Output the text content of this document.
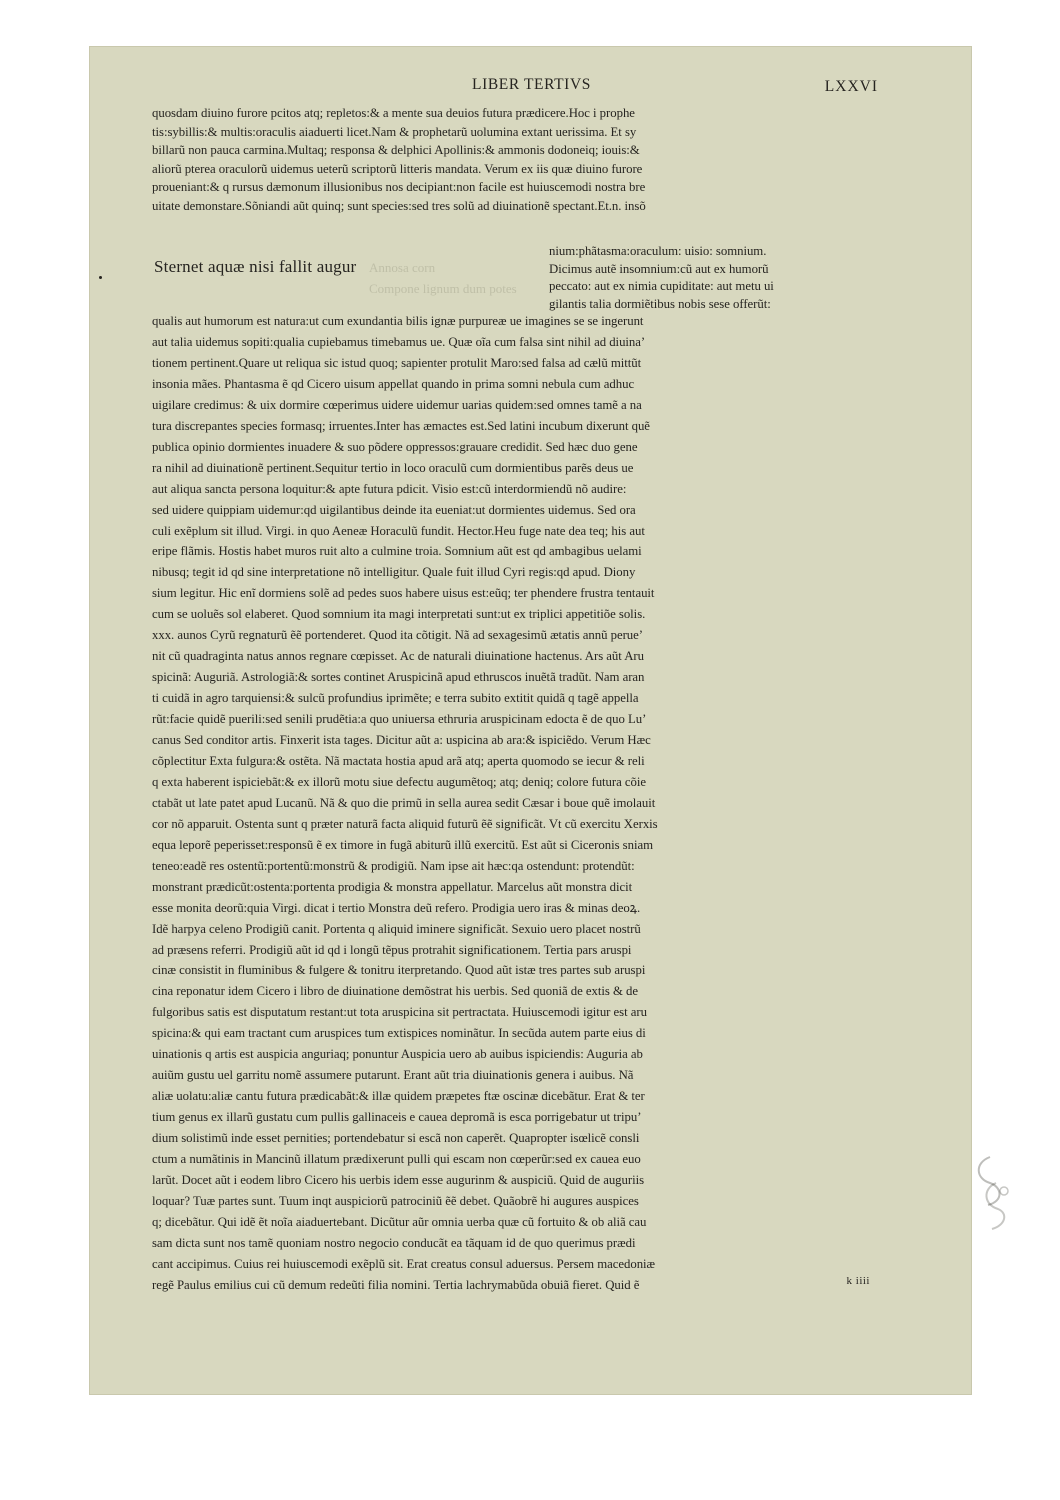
LIBER TERTIVS	LXXVI
quosdam diuino furore pcitos atq; repletos:& a mente sua deuios futura prædicere.Hoc i prophe
tis:sybillis:& multis:oraculis aiaduerti licet.Nam & prophetarũ uolumina extant uerissima. Et sy
billarũ non pauca carmina.Multaq; responsa & delphici Apollinis:& ammonis dodoneiq; iouis:&
aliorũ pterea oraculorũ uidemus ueterũ scriptorũ litteris mandata. Verum ex iis quæ diuino furore
proueniant:& q rursus dæmonum illusionibus nos decipiant:non facile est huiuscemodi nostra bre
uitate demonstare.Sõniandi aũt quinq; sunt species:sed tres solũ ad diuinationẽ spectant.Et.n. insõ
Sternet aquæ nisi fallit augur Annosa corn
Compone lignum dum potes
nium:phãtasma:oraculum: uisio: somnium.
Dicimus autẽ insomnium:cũ aut ex humorũ
peccato: aut ex nimia cupiditate: aut metu ui
gilantis talia dormiẽtibus nobis sese offerũt:
qualis aut humorum est natura:ut cum exundantia bilis ignæ purpureæ ue imagines se se ingerunt
aut talia uidemus sopiti:qualia cupiebamus timebamus ue. Quæ oĩa cum falsa sint nihil ad diuina’
tionem pertinent.Quare ut reliqua sic istud quoq; sapienter protulit Maro:sed falsa ad cælũ mittũt
insonia mães. Phantasma ẽ qd Cicero uisum appellat quando in prima somni nebula cum adhuc
uigilare credimus: & uix dormire cœperimus uidere uidemur uarias quidem:sed omnes tamẽ a na
tura discrepantes species formasq; irruentes.Inter has æmactes est.Sed latini incubum dixerunt quẽ
publica opinio dormientes inuadere & suo põdere oppressos:grauare credidit. Sed hæc duo gene
ra nihil ad diuinationẽ pertinent.Sequitur tertio in loco oraculũ cum dormientibus parẽs deus ue
aut aliqua sancta persona loquitur:& apte futura pdicit. Visio est:cũ interdormiendũ nõ audire:
sed uidere quippiam uidemur:qd uigilantibus deinde ita eueniat:ut dormientes uidemus. Sed ora
culi exẽplum sit illud. Virgi. in quo Aeneæ Horaculũ fundit. Hector.Heu fuge nate dea teq; his aut
eripe flãmis. Hostis habet muros ruit alto a culmine troia. Somnium aũt est qd ambagibus uelami
nibusq; tegit id qd sine interpretatione nõ intelligitur. Quale fuit illud Cyri regis:qd apud. Diony
sium legitur. Hic enĩ dormiens solẽ ad pedes suos habere uisus est:eũq; ter phendere frustra tentauit
cum se uoluẽs sol elaberet. Quod somnium ita magi interpretati sunt:ut ex triplici appetitiõe solis.
xxx. aunos Cyrũ regnaturũ ẽẽ portenderet. Quod ita cõtigit. Nã ad sexagesimũ ætatis annũ perue’
nit cũ quadraginta natus annos regnare cœpisset. Ac de naturali diuinatione hactenus. Ars aũt Aru
spicinã: Auguriã. Astrologiã:& sortes continet Aruspicinã apud ethruscos inuẽtã tradũt. Nam aran
ti cuidã in agro tarquiensi:& sulcũ profundius iprimẽte; e terra subito extitit quidã q tagẽ appella
rũt:facie quidẽ puerili:sed senili prudẽtia:a quo uniuersa ethruria aruspicinam edocta ẽ de quo Lu’
canus Sed conditor artis. Finxerit ista tages. Dicitur aũt a: uspicina ab ara:& ispiciẽdo. Verum Hæc
cõplectitur Exta fulgura:& ostẽta. Nã mactata hostia apud arã atq; aperta quomodo se iecur & reli
q exta haberent ispiciebãt:& ex illorũ motu siue defectu augumẽtoq; atq; deniq; colore futura cõie
ctabãt ut late patet apud Lucanũ. Nã & quo die primũ in sella aurea sedit Cæsar i boue quẽ imolauit
cor nõ apparuit. Ostenta sunt q præter naturã facta aliquid futurũ ẽẽ significãt. Vt cũ exercitu Xerxis
equa leporẽ peperisset:responsũ ẽ ex timore in fugã abiturũ illũ exercitũ. Est aũt si Ciceronis sniam
teneo:eadẽ res ostentũ:portentũ:monstrũ & prodigiũ. Nam ipse ait hæc:qa ostendunt: protendũt:
monstrant prædicũt:ostenta:portenta prodigia & monstra appellatur. Marcelus aũt monstra dicit
esse monita deorũ:quia Virgi. dicat i tertio Monstra deũ refero. Prodigia uero iras & minas deoꝝ.
Idẽ harpya celeno Prodigiũ canit. Portenta q aliquid iminere significãt. Sexuio uero placet nostrũ
ad præsens referri. Prodigiũ aũt id qd i longũ tẽpus protrahit significationem. Tertia pars aruspi
cinæ consistit in fluminibus & fulgere & tonitru iterpretando. Quod aũt istæ tres partes sub aruspi
cina reponatur idem Cicero i libro de diuinatione demõstrat his uerbis. Sed quoniã de extis & de
fulgoribus satis est disputatum restant:ut tota aruspicina sit pertractata. Huiuscemodi igitur est aru
spicina:& qui eam tractant cum aruspices tum extispices nominãtur. In secũda autem parte eius di
uinationis q artis est auspicia anguriaq; ponuntur Auspicia uero ab auibus ispiciendis: Auguria ab
auiũm gustu uel garritu nomẽ assumere putarunt. Erant aũt tria diuinationis genera i auibus. Nã
aliæ uolatu:aliæ cantu futura prædicabãt:& illæ quidem præpetes ftæ oscinæ dicebãtur. Erat & ter
tium genus ex illarũ gustatu cum pullis gallinaceis e cauea depromã is esca porrigebatur ut tripu’
dium solistimũ inde esset pernities; portendebatur si escã non caperẽt. Quapropter isœlicẽ consli
ctum a numãtinis in Mancinũ illatum prædixerunt pulli qui escam non cœperũr:sed ex cauea euo
larũt. Docet aũt i eodem libro Cicero his uerbis idem esse augurinm & auspiciũ. Quid de auguriis
loquar? Tuæ partes sunt. Tuum inqt auspiciorũ patrociniũ ẽẽ debet. Quãobrẽ hi augures auspices
q; dicebãtur. Qui idẽ ẽt noĩa aiaduertebant. Dicũtur aũr omnia uerba quæ cũ fortuito & ob aliã cau
sam dicta sunt nos tamẽ quoniam nostro negocio conducãt ea tãquam id de quo querimus prædi
cant accipimus. Cuius rei huiuscemodi exẽplũ sit. Erat creatus consul aduersus. Persem macedoniæ
regẽ Paulus emilius cui cũ demum redeũti filia nomini. Tertia lachrymabũda obuiã fieret. Quid ẽ	k iiii
